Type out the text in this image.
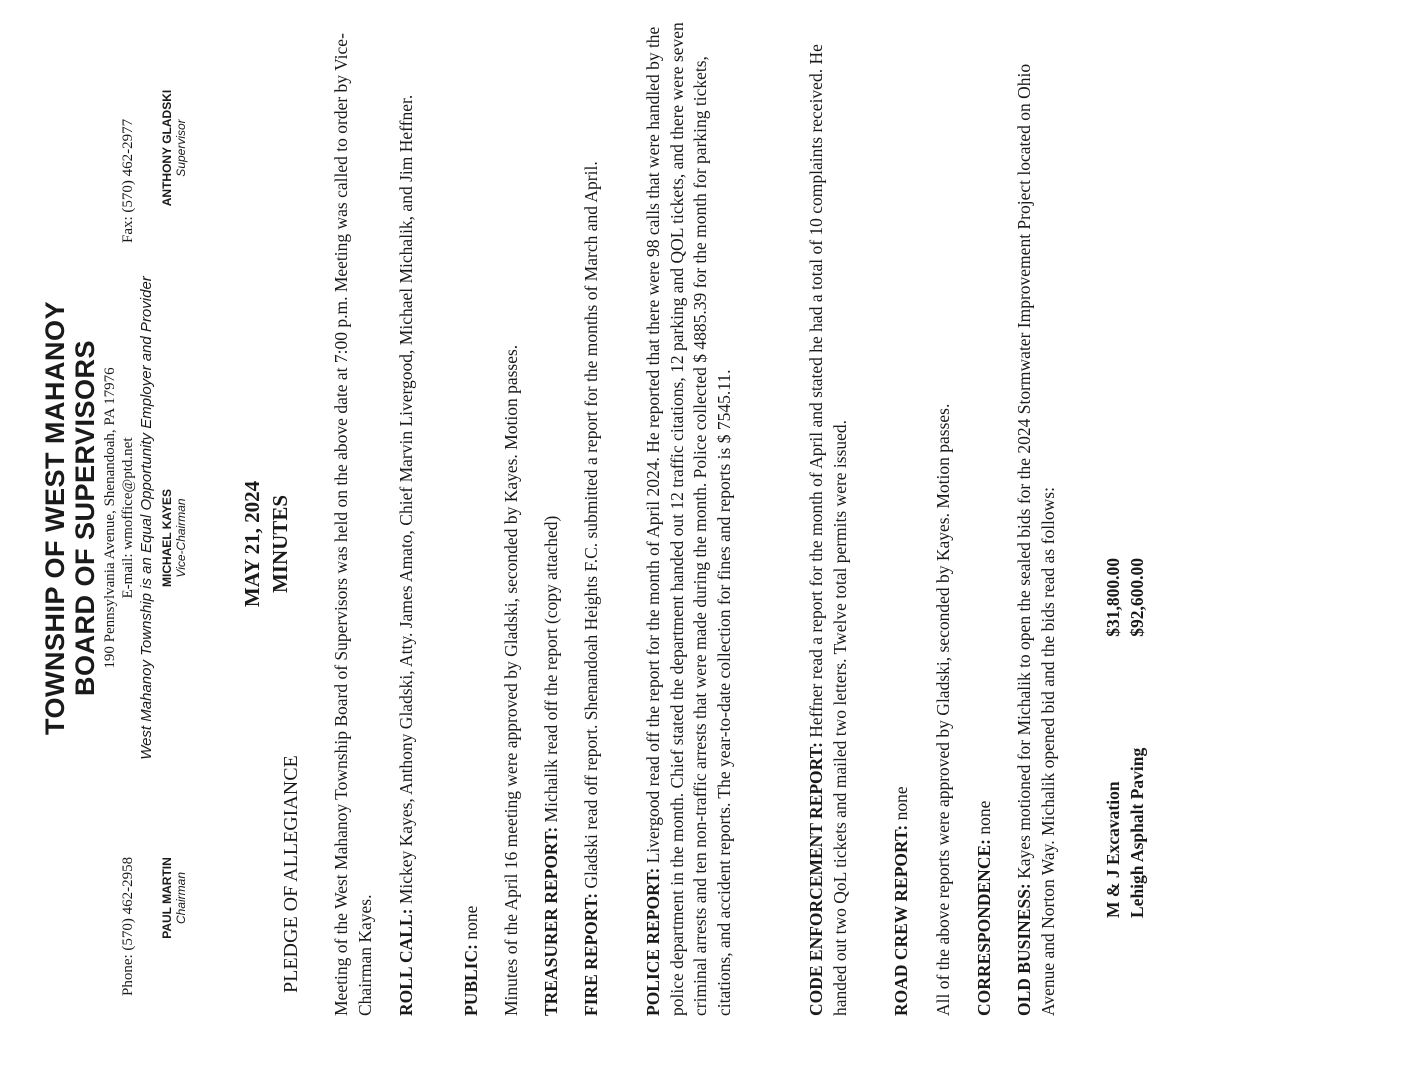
TOWNSHIP OF WEST MAHANOY BOARD OF SUPERVISORS 190 Pennsylvania Avenue, Shenandoah, PA 17976
Phone: (570) 462-2958
E-mail: wmoffice@ptd.net
Fax: (570) 462-2977
West Mahanoy Township is an Equal Opportunity Employer and Provider
PAUL MARTIN Chairman
MICHAEL KAYES Vice-Chairman
ANTHONY GLADSKI Supervisor
MAY 21, 2024 MINUTES
PLEDGE OF ALLEGIANCE Meeting of the West Mahanoy Township Board of Supervisors was held on the above date at 7:00 p.m. Meeting was called to order by Vice-Chairman Kayes. ROLL CALL: Mickey Kayes, Anthony Gladski, Atty. James Amato, Chief Marvin Livergood, Michael Michalik, and Jim Heffner.

PUBLIC: none Minutes of the April 16 meeting were approved by Gladski, seconded by Kayes. Motion passes. TREASURER REPORT: Michalik read off the report (copy attached)

FIRE REPORT: Gladski read off report. Shenandoah Heights F.C. submitted a report for the months of March and April.

POLICE REPORT: Livergood read off the report for the month of April 2024. He reported that there were 98 calls that were handled by the police department in the month. Chief stated the department handed out 12 traffic citations, 12 parking and QOL tickets, and there were seven criminal arrests and ten non-traffic arrests that were made during the month. Police collected $ 4885.39 for the month for parking tickets, citations, and accident reports. The year-to-date collection for fines and reports is $ 7545.11.	CODE ENFORCEMENT REPORT: Heffner read a report for the month of April and stated he had a total of 10 complaints received. He handed out two QoL tickets and mailed two letters. Twelve total permits were issued. ROAD CREW REPORT: none All of the above reports were approved by Gladski, seconded by Kayes. Motion passes. CORRESPONDENCE: none

OLD BUSINESS: Kayes motioned for Michalik to open the sealed bids for the 2024 Stormwater Improvement Project located on Ohio Avenue and Norton Way. Michalik opened bid and the bids read as follows:	M & J Excavation
$31,800.00
Lehigh Asphalt Paving
$92,600.00
